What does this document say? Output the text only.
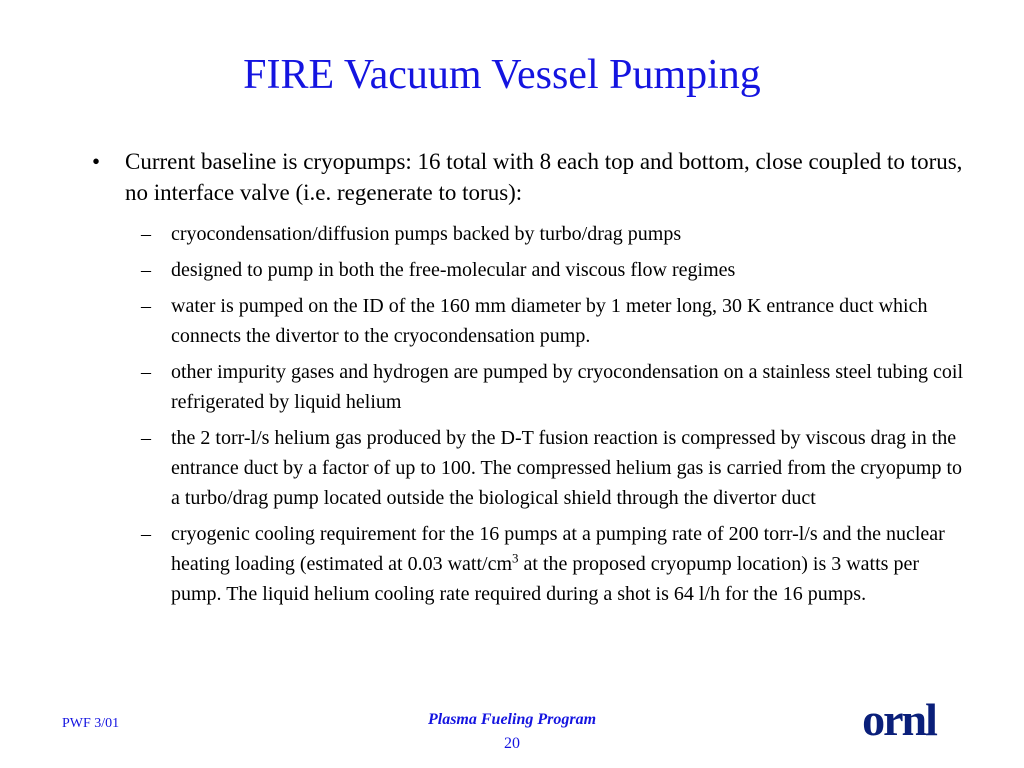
FIRE Vacuum Vessel Pumping
• Current baseline is cryopumps: 16 total with 8 each top and bottom, close coupled to torus, no interface valve (i.e. regenerate to torus):
– cryocondensation/diffusion pumps backed by turbo/drag pumps
– designed to pump in both the free-molecular and viscous flow regimes
– water is pumped on the ID of the 160 mm diameter by 1 meter long, 30 K entrance duct which connects the divertor to the cryocondensation pump.
– other impurity gases and hydrogen are pumped by cryocondensation on a stainless steel tubing coil refrigerated by liquid helium
– the 2 torr-l/s helium gas produced by the D-T fusion reaction is compressed by viscous drag in the entrance duct by a factor of up to 100. The compressed helium gas is carried from the cryopump to a turbo/drag pump located outside the biological shield through the divertor duct
– cryogenic cooling requirement for the 16 pumps at a pumping rate of 200 torr-l/s and the nuclear heating loading (estimated at 0.03 watt/$cm^3$ at the proposed cryopump location) is 3 watts per pump. The liquid helium cooling rate required during a shot is 64 l/h for the 16 pumps.
PWF 3/01	Plasma Fueling Program
20	ornl
